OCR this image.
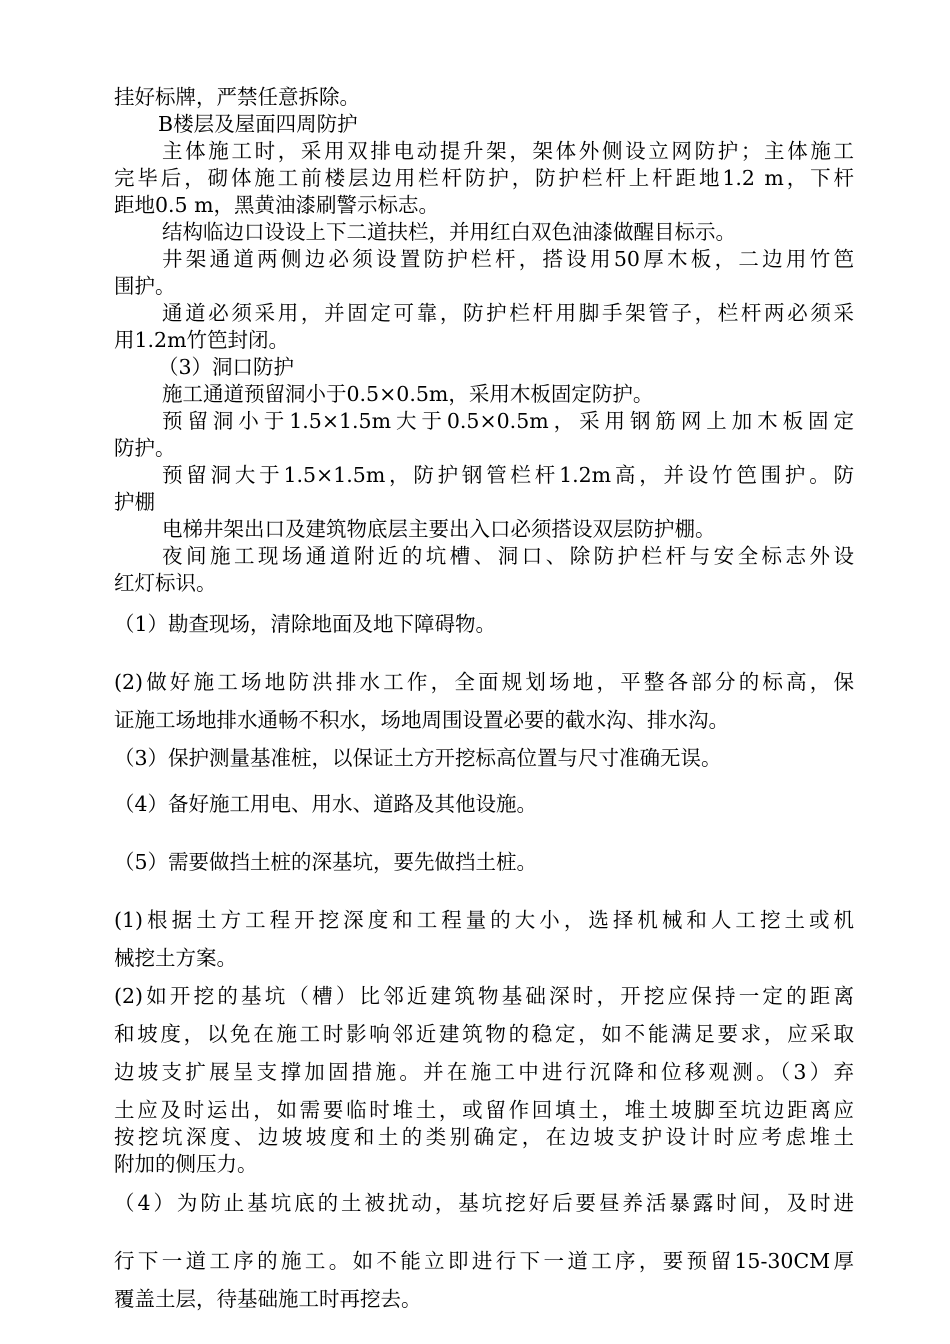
挂好标牌，严禁任意拆除。
B楼层及屋面四周防护
主体施工时，采用双排电动提升架，架体外侧设立网防护；主体施工
完毕后，砌体施工前楼层边用栏杆防护，防护栏杆上杆距地1.2 m，下杆
距地0.5 m，黑黄油漆刷警示标志。
结构临边口设设上下二道扶栏，并用红白双色油漆做醒目标示。
井架通道两侧边必须设置防护栏杆，搭设用50厚木板，二边用竹笆
围护。
通道必须采用，并固定可靠，防护栏杆用脚手架管子，栏杆两必须采
用1.2m竹笆封闭。
（3）洞口防护
施工通道预留洞小于0.5×0.5m，采用木板固定防护。
预留洞小于1.5×1.5m大于0.5×0.5m，采用钢筋网上加木板固定
防护。
预留洞大于1.5×1.5m，防护钢管栏杆1.2m高，并设竹笆围护。防
护棚
电梯井架出口及建筑物底层主要出入口必须搭设双层防护棚。
夜间施工现场通道附近的坑槽、洞口、除防护栏杆与安全标志外设
红灯标识。
（1）勘查现场，清除地面及地下障碍物。
(2)做好施工场地防洪排水工作，全面规划场地，平整各部分的标高，保
证施工场地排水通畅不积水，场地周围设置必要的截水沟、排水沟。
（3）保护测量基准桩，以保证土方开挖标高位置与尺寸准确无误。
（4）备好施工用电、用水、道路及其他设施。
（5）需要做挡土桩的深基坑，要先做挡土桩。
(1)根据土方工程开挖深度和工程量的大小，选择机械和人工挖土或机
械挖土方案。
(2)如开挖的基坑（槽）比邻近建筑物基础深时，开挖应保持一定的距离
和坡度，以免在施工时影响邻近建筑物的稳定，如不能满足要求，应采取
边坡支扩展呈支撑加固措施。并在施工中进行沉降和位移观测。（3）弃
土应及时运出，如需要临时堆土，或留作回填土，堆土坡脚至坑边距离应
按挖坑深度、边坡坡度和土的类别确定，在边坡支护设计时应考虑堆土
附加的侧压力。
（4）为防止基坑底的土被扰动，基坑挖好后要昼养活暴露时间，及时进
行下一道工序的施工。如不能立即进行下一道工序，要预留15-30CM厚
覆盖土层，待基础施工时再挖去。
